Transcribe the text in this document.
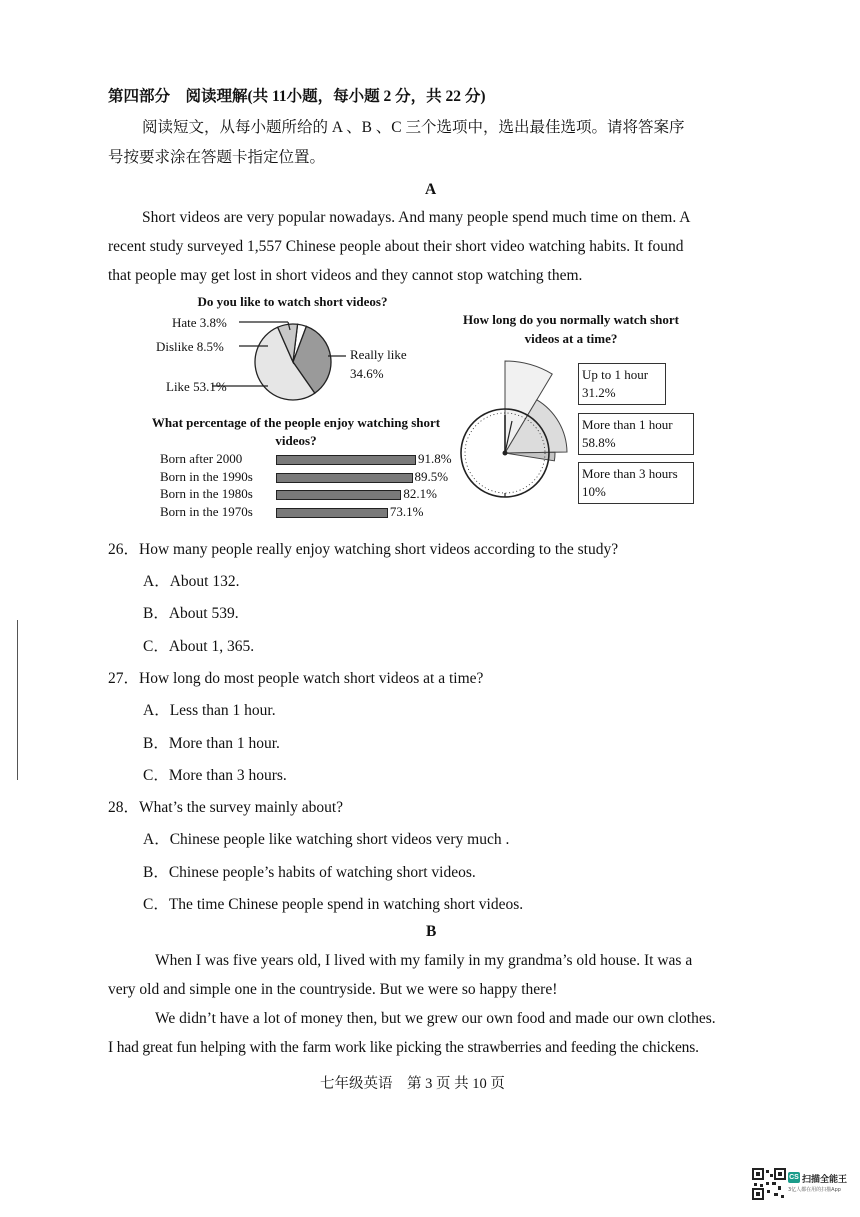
第四部分　阅读理解(共 11小题，每小题 2 分，共 22 分)
阅读短文，从每小题所给的 A 、B 、C 三个选项中，选出最佳选项。请将答案序
号按要求涂在答题卡指定位置。
A
Short videos are very popular nowadays. And many people spend much time on them. A
recent study surveyed 1,557 Chinese people about their short video watching habits. It found
that people may get lost in short videos and they cannot stop watching them.
Do you like to watch short videos?
Hate 3.8%
Dislike 8.5%
Like 53.1%
Really like
34.6%
What percentage of the people enjoy watching short videos?
Born after 2000	91.8%
Born in the 1990s	89.5%
Born in the 1980s	82.1%
Born in the 1970s	73.1%
How long do you normally watch short videos at a time?
Up to 1 hour
31.2%
More than 1 hour
58.8%
More than 3 hours
10%
26．How many people really enjoy watching short videos according to the study?
A．About 132.
B．About 539.
C．About 1, 365.
27．How long do most people watch short videos at a time?
A．Less than 1 hour.
B．More than 1 hour.
C．More than 3 hours.
28．What’s the survey mainly about?
A．Chinese people like watching short videos very much .
B．Chinese people’s habits of watching short videos.
C．The time Chinese people spend in watching short videos.
B
When I was five years old, I lived with my family in my grandma’s old house. It was a
very old and simple one in the countryside. But we were so happy there!
We didn’t have a lot of money then, but we grew our own food and made our own clothes.
I had great fun helping with the farm work like picking the strawberries and feeding the chickens.
七年级英语　第 3 页 共 10 页
CS 扫描全能王
3亿人都在用的扫描App
